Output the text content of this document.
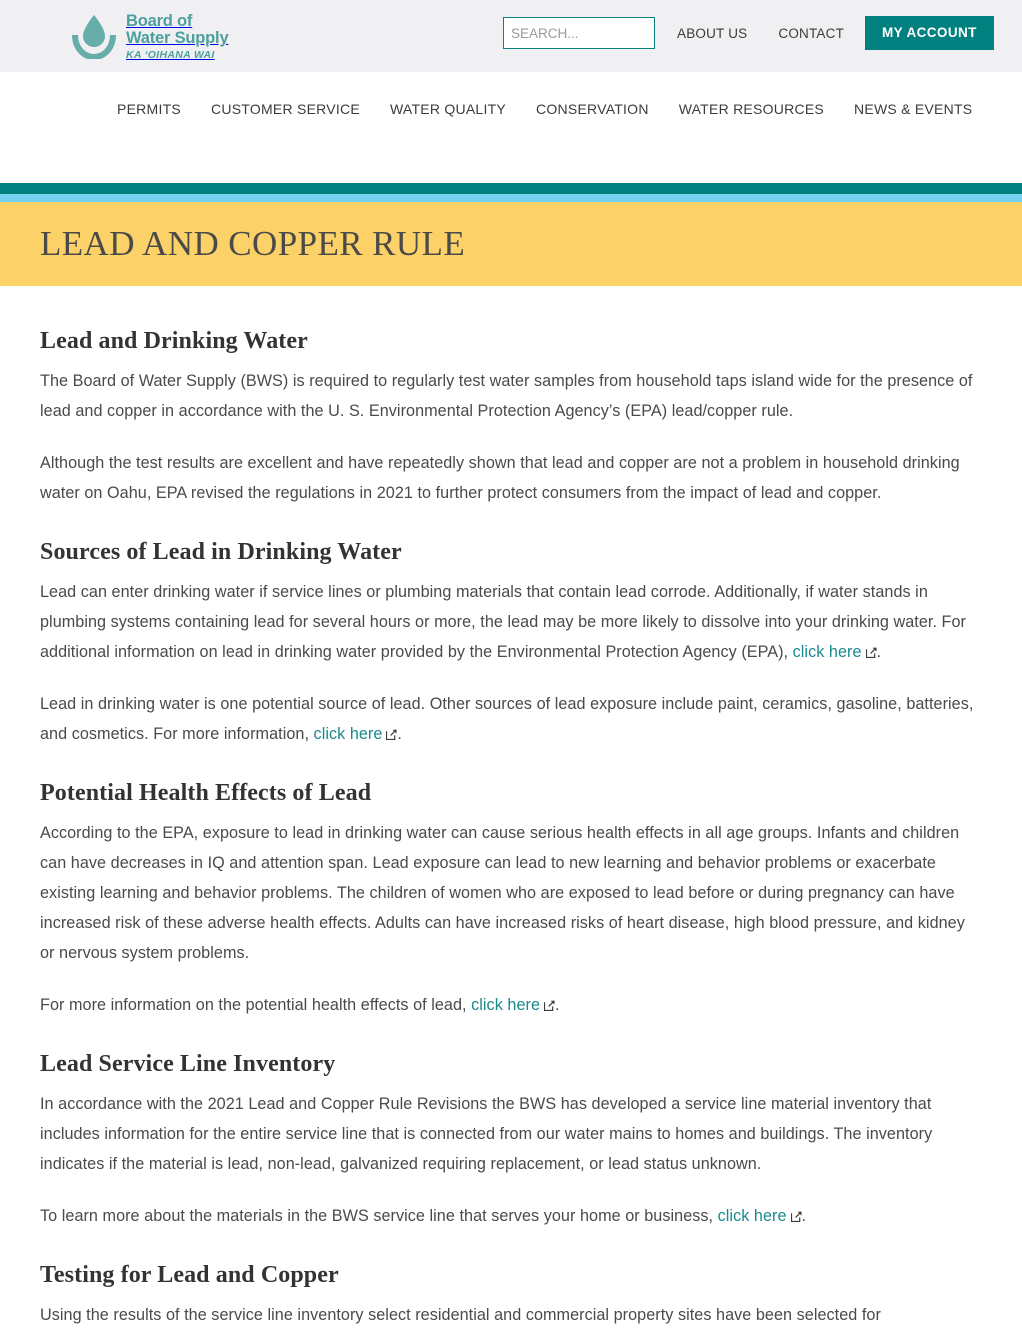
Board of
Water Supply
KA ʻOIHANA WAI
SEARCH...
ABOUT US CONTACT	MY ACCOUNT
PERMITS CUSTOMER SERVICE WATER QUALITY CONSERVATION WATER RESOURCES NEWS & EVENTS
LEAD AND COPPER RULE
Lead and Drinking Water

The Board of Water Supply (BWS) is required to regularly test water samples from household taps island wide for the presence of lead and copper in accordance with the U. S. Environmental Protection Agency’s (EPA) lead/copper rule.

Although the test results are excellent and have repeatedly shown that lead and copper are not a problem in household drinking water on Oahu, EPA revised the regulations in 2021 to further protect consumers from the impact of lead and copper.

Sources of Lead in Drinking Water

Lead can enter drinking water if service lines or plumbing materials that contain lead corrode. Additionally, if water stands in plumbing systems containing lead for several hours or more, the lead may be more likely to dissolve into your drinking water. For additional information on lead in drinking water provided by the Environmental Protection Agency (EPA), click here .

Lead in drinking water is one potential source of lead. Other sources of lead exposure include paint, ceramics, gasoline, batteries, and cosmetics. For more information, click here .

Potential Health Effects of Lead

According to the EPA, exposure to lead in drinking water can cause serious health effects in all age groups. Infants and children can have decreases in IQ and attention span. Lead exposure can lead to new learning and behavior problems or exacerbate existing learning and behavior problems. The children of women who are exposed to lead before or during pregnancy can have increased risk of these adverse health effects. Adults can have increased risks of heart disease, high blood pressure, and kidney or nervous system problems.

For more information on the potential health effects of lead, click here .

Lead Service Line Inventory

In accordance with the 2021 Lead and Copper Rule Revisions the BWS has developed a service line material inventory that includes information for the entire service line that is connected from our water mains to homes and buildings. The inventory indicates if the material is lead, non-lead, galvanized requiring replacement, or lead status unknown.

To learn more about the materials in the BWS service line that serves your home or business, click here .

Testing for Lead and Copper

Using the results of the service line inventory select residential and commercial property sites have been selected for
